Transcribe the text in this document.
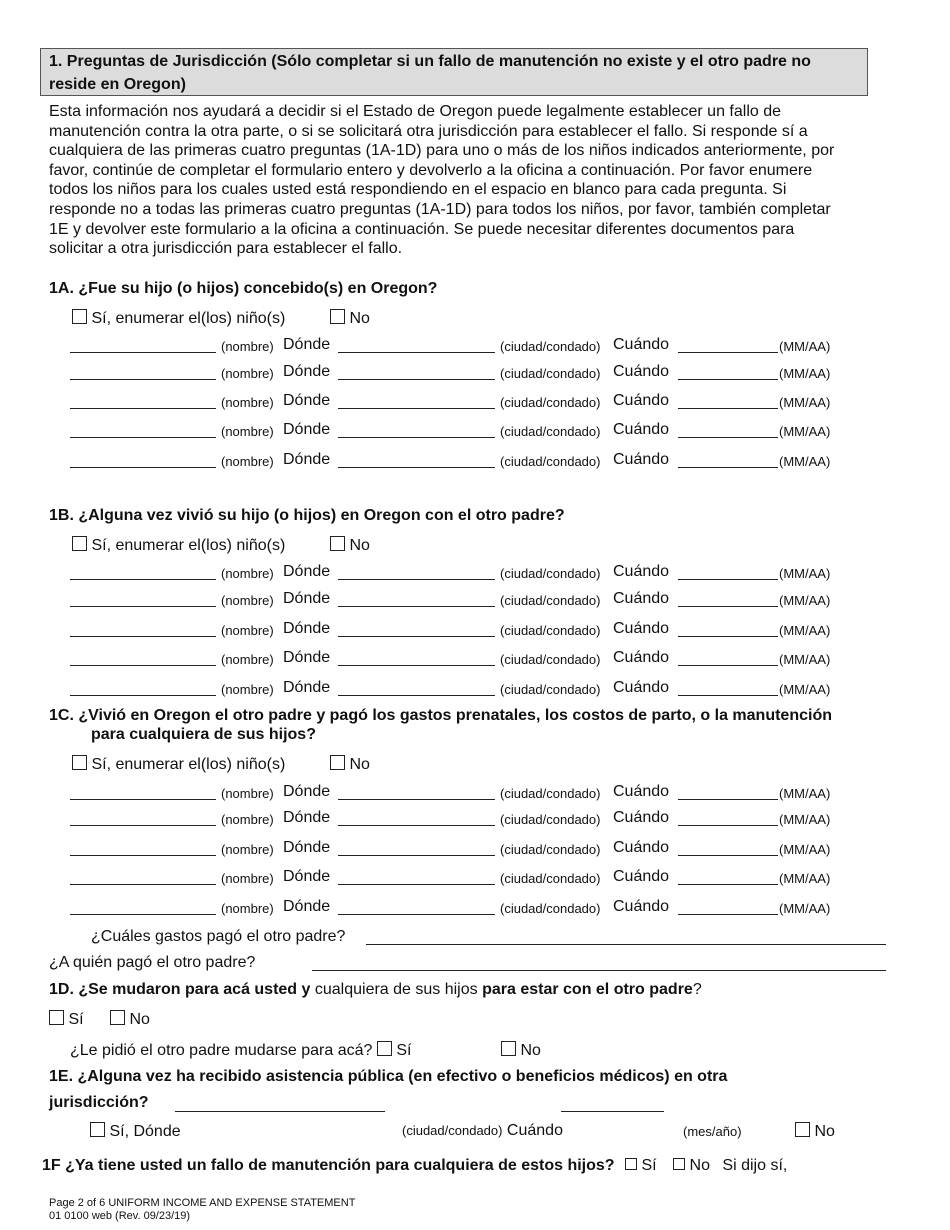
1. Preguntas de Jurisdicción (Sólo completar si un fallo de manutención no existe y el otro padre no reside en Oregon)
Esta información nos ayudará a decidir si el Estado de Oregon puede legalmente establecer un fallo de
manutención contra la otra parte, o si se solicitará otra jurisdicción para establecer el fallo. Si responde sí a
cualquiera de las primeras cuatro preguntas (1A-1D) para uno o más de los niños indicados anteriormente, por
favor, continúe de completar el formulario entero y devolverlo a la oficina a continuación. Por favor enumere
todos los niños para los cuales usted está respondiendo en el espacio en blanco para cada pregunta. Si
responde no a todas las primeras cuatro preguntas (1A-1D) para todos los niños, por favor, también completar
1E y devolver este formulario a la oficina a continuación. Se puede necesitar diferentes documentos para
solicitar a otra jurisdicción para establecer el fallo.
1A. ¿Fue su hijo (o hijos) concebido(s) en Oregon?
Sí, enumerar el(los) niño(s)	No
1B. ¿Alguna vez vivió su hijo (o hijos) en Oregon con el otro padre?
Sí, enumerar el(los) niño(s)	No
1C. ¿Vivió en Oregon el otro padre y pagó los gastos prenatales, los costos de parto, o la manutención
para cualquiera de sus hijos?
Sí, enumerar el(los) niño(s)	No
¿Cuáles gastos pagó el otro padre?
¿A quién pagó el otro padre?
1D. ¿Se mudaron para acá usted y cualquiera de sus hijos para estar con el otro padre?
Sí	No
¿Le pidió el otro padre mudarse para acá? Sí	No
1E. ¿Alguna vez ha recibido asistencia pública (en efectivo o beneficios médicos) en otra
jurisdicción?
Sí, Dónde	(ciudad/condado) Cuándo	(mes/año)	No
1F ¿Ya tiene usted un fallo de manutención para cualquiera de estos hijos? Sí No Si dijo sí,
Page 2 of 6 UNIFORM INCOME AND EXPENSE STATEMENT
01 0100 web (Rev. 09/23/19)
(nombre) Dónde	(ciudad/condado) Cuándo	(MM/AA)
(nombre) Dónde	(ciudad/condado) Cuándo	(MM/AA)
(nombre) Dónde	(ciudad/condado) Cuándo	(MM/AA)
(nombre) Dónde	(ciudad/condado) Cuándo	(MM/AA)
(nombre) Dónde	(ciudad/condado) Cuándo	(MM/AA)
(nombre) Dónde	(ciudad/condado) Cuándo	(MM/AA)
(nombre) Dónde	(ciudad/condado) Cuándo	(MM/AA)
(nombre) Dónde	(ciudad/condado) Cuándo	(MM/AA)
(nombre) Dónde	(ciudad/condado) Cuándo	(MM/AA)
(nombre) Dónde	(ciudad/condado) Cuándo	(MM/AA)
(nombre) Dónde	(ciudad/condado) Cuándo	(MM/AA)
(nombre) Dónde	(ciudad/condado) Cuándo	(MM/AA)
(nombre) Dónde	(ciudad/condado) Cuándo	(MM/AA)
(nombre) Dónde	(ciudad/condado) Cuándo	(MM/AA)
(nombre) Dónde	(ciudad/condado) Cuándo	(MM/AA)
